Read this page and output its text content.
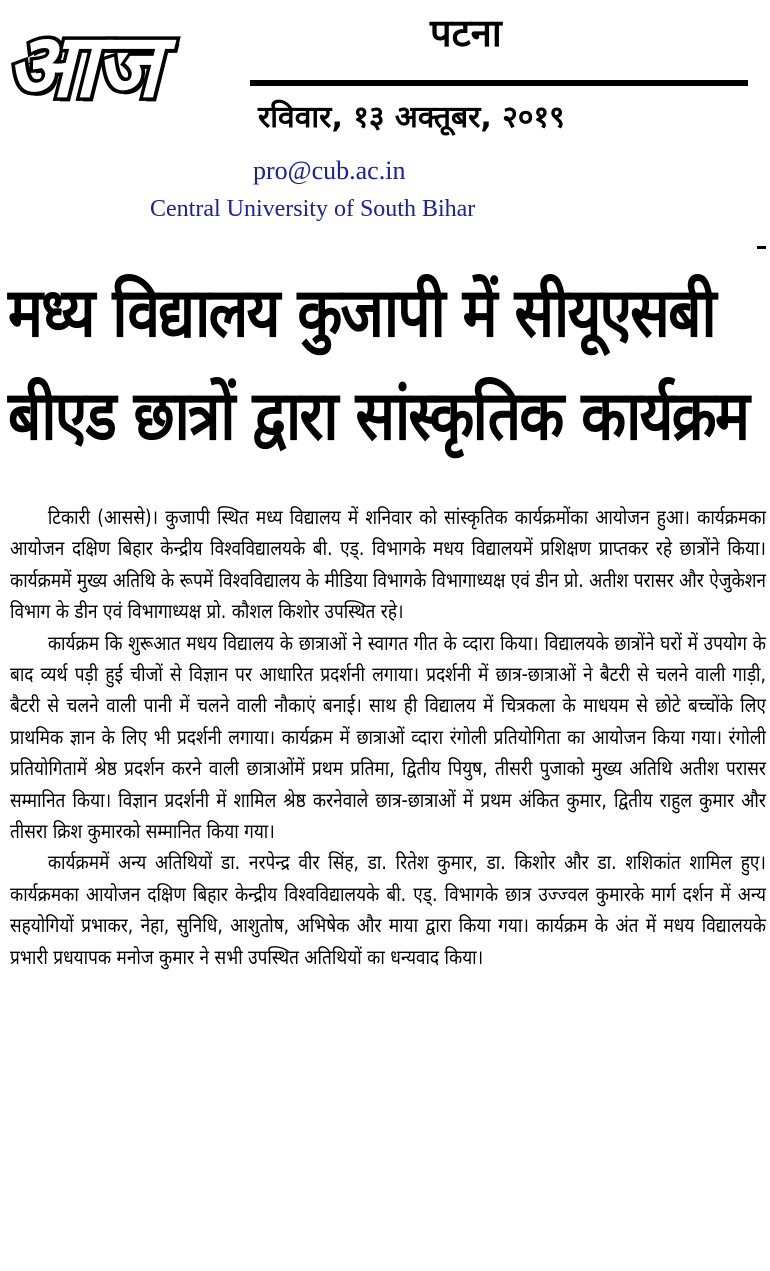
आज	पटना
रविवार, १३ अक्तूबर, २०१९
pro@cub.ac.in
Central University of South Bihar
मध्य विद्यालय कुजापी में सीयूएसबी
बीएड छात्रों द्वारा सांस्कृतिक कार्यक्रम

टिकारी (आससे)। कुजापी स्थित मध्य विद्यालय में शनिवार को सांस्कृतिक कार्यक्रमोंका आयोजन हुआ। कार्यक्रमका आयोजन दक्षिण बिहार केन्द्रीय विश्वविद्यालयके बी. एड्. विभागके मधय विद्यालयमें प्रशिक्षण प्राप्तकर रहे छात्रोंने किया। कार्यक्रममें मुख्य अतिथि के रूपमें विश्वविद्यालय के मीडिया विभागके विभागाध्यक्ष एवं डीन प्रो. अतीश परासर और ऐजुकेशन विभाग के डीन एवं विभागाध्यक्ष प्रो. कौशल किशोर उपस्थित रहे।

कार्यक्रम कि शुरूआत मधय विद्यालय के छात्राओं ने स्वागत गीत के व्दारा किया। विद्यालयके छात्रोंने घरों में उपयोग के बाद व्यर्थ पड़ी हुई चीजों से विज्ञान पर आधारित प्रदर्शनी लगाया। प्रदर्शनी में छात्र-छात्राओं ने बैटरी से चलने वाली गाड़ी, बैटरी से चलने वाली पानी में चलने वाली नौकाएं बनाई। साथ ही विद्यालय में चित्रकला के माधयम से छोटे बच्चोंके लिए प्राथमिक ज्ञान के लिए भी प्रदर्शनी लगाया। कार्यक्रम में छात्राओं व्दारा रंगोली प्रतियोगिता का आयोजन किया गया। रंगोली प्रतियोगितामें श्रेष्ठ प्रदर्शन करने वाली छात्राओंमें प्रथम प्रतिमा, द्वितीय पियुष, तीसरी पुजाको मुख्य अतिथि अतीश परासर सम्मानित किया। विज्ञान प्रदर्शनी में शामिल श्रेष्ठ करनेवाले छात्र-छात्राओं में प्रथम अंकित कुमार, द्वितीय राहुल कुमार और तीसरा क्रिश कुमारको सम्मानित किया गया।

कार्यक्रममें अन्य अतिथियों डा. नरपेन्द्र वीर सिंह, डा. रितेश कुमार, डा. किशोर और डा. शशिकांत शामिल हुए। कार्यक्रमका आयोजन दक्षिण बिहार केन्द्रीय विश्वविद्यालयके बी. एड्. विभागके छात्र उज्ज्वल कुमारके मार्ग दर्शन में अन्य सहयोगियों प्रभाकर, नेहा, सुनिधि, आशुतोष, अभिषेक और माया द्वारा किया गया। कार्यक्रम के अंत में मधय विद्यालयके प्रभारी प्रधयापक मनोज कुमार ने सभी उपस्थित अतिथियों का धन्यवाद किया।
